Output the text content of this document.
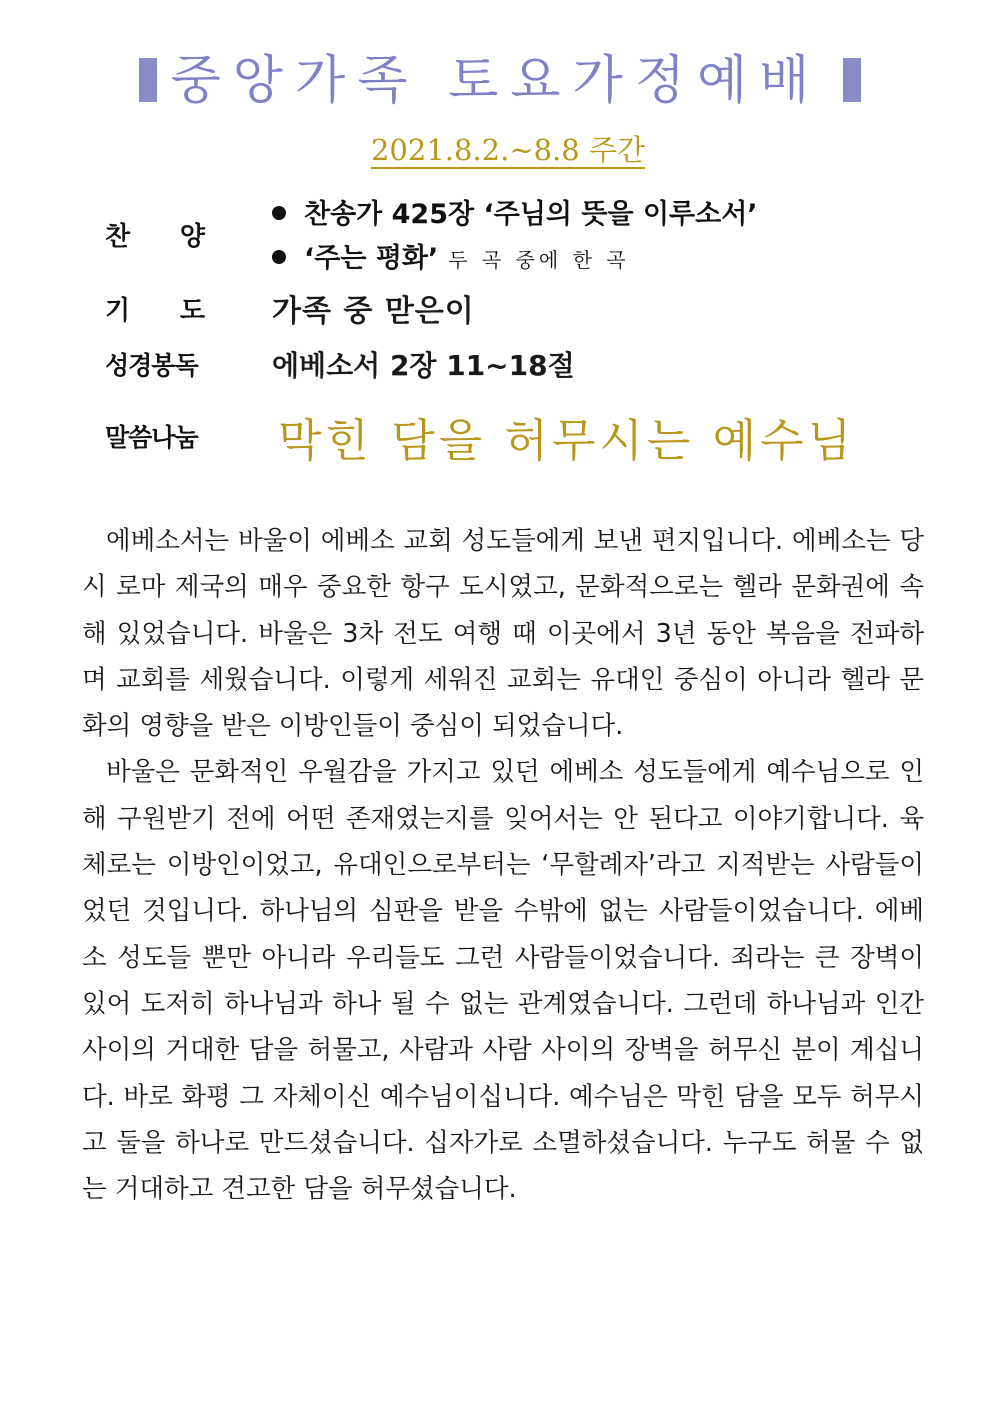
중앙가족 토요가정예배
2021.8.2.~8.8 주간
찬 양
찬송가 425장 ‘주님의 뜻을 이루소서’
‘주는 평화’ 두 곡 중에 한 곡
기 도 가족 중 맏은이
성경봉독	에베소서 2장 11~18절
말씀나눔 막힌 담을 허무시는 예수님

에베소서는 바울이 에베소 교회 성도들에게 보낸 편지입니다. 에베소는 당시 로마 제국의 매우 중요한 항구 도시였고, 문화적으로는 헬라 문화권에 속해 있었습니다. 바울은 3차 전도 여행 때 이곳에서 3년 동안 복음을 전파하며 교회를 세웠습니다. 이렇게 세워진 교회는 유대인 중심이 아니라 헬라 문화의 영향을 받은 이방인들이 중심이 되었습니다.

바울은 문화적인 우월감을 가지고 있던 에베소 성도들에게 예수님으로 인해 구원받기 전에 어떤 존재였는지를 잊어서는 안 된다고 이야기합니다. 육체로는 이방인이었고, 유대인으로부터는 ‘무할례자’라고 지적받는 사람들이었던 것입니다. 하나님의 심판을 받을 수밖에 없는 사람들이었습니다. 에베소 성도들 뿐만 아니라 우리들도 그런 사람들이었습니다. 죄라는 큰 장벽이 있어 도저히 하나님과 하나 될 수 없는 관계였습니다. 그런데 하나님과 인간 사이의 거대한 담을 허물고, 사람과 사람 사이의 장벽을 허무신 분이 계십니다. 바로 화평 그 자체이신 예수님이십니다. 예수님은 막힌 담을 모두 허무시고 둘을 하나로 만드셨습니다. 십자가로 소멸하셨습니다. 누구도 허물 수 없는 거대하고 견고한 담을 허무셨습니다.
